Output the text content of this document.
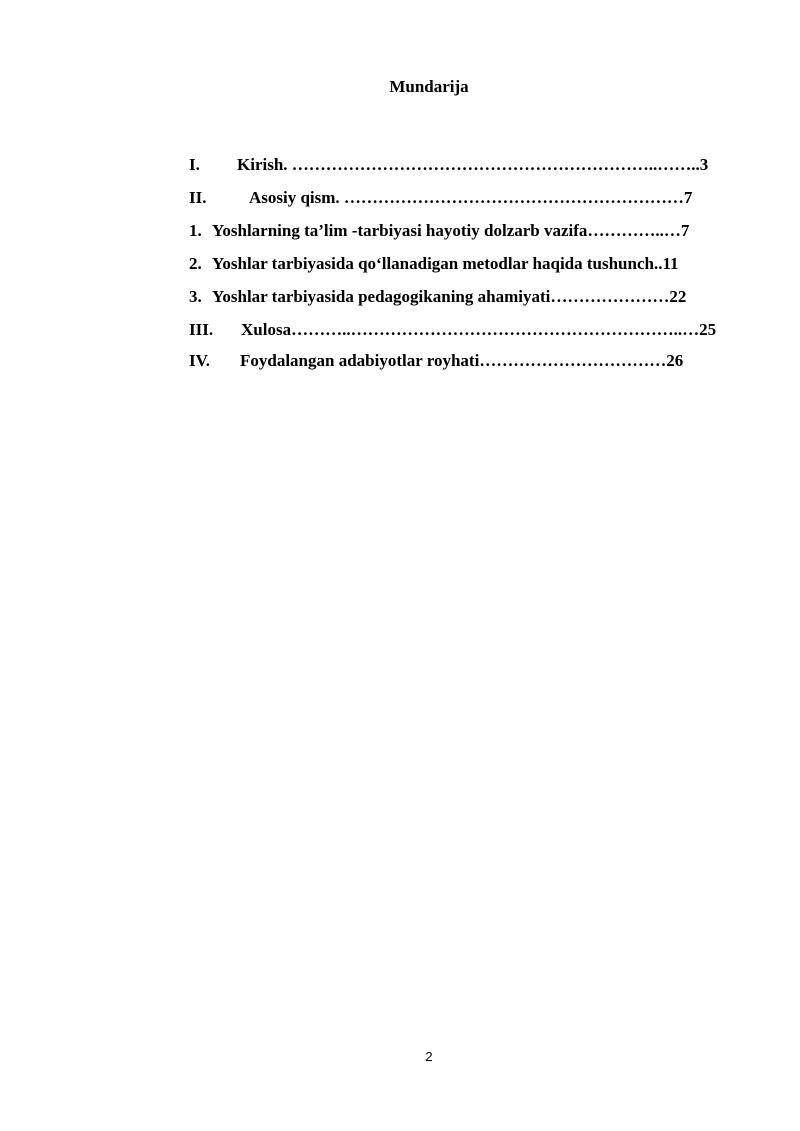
Mundarija
I. Kirish. ………………………………………………………..……..3
II.	Asosiy qism. ……………………………………………………7
1. Yoshlarning ta’lim -tarbiyasi hayotiy dolzarb vazifa…………..…7
2. Yoshlar tarbiyasida qo‘llanadigan metodlar haqida tushunch..11
3. Yoshlar tarbiyasida pedagogikaning ahamiyati…………………22
III. Xulosa………..…………………………………………………..…25
IV. Foydalangan adabiyotlar royhati……………………………26
2
